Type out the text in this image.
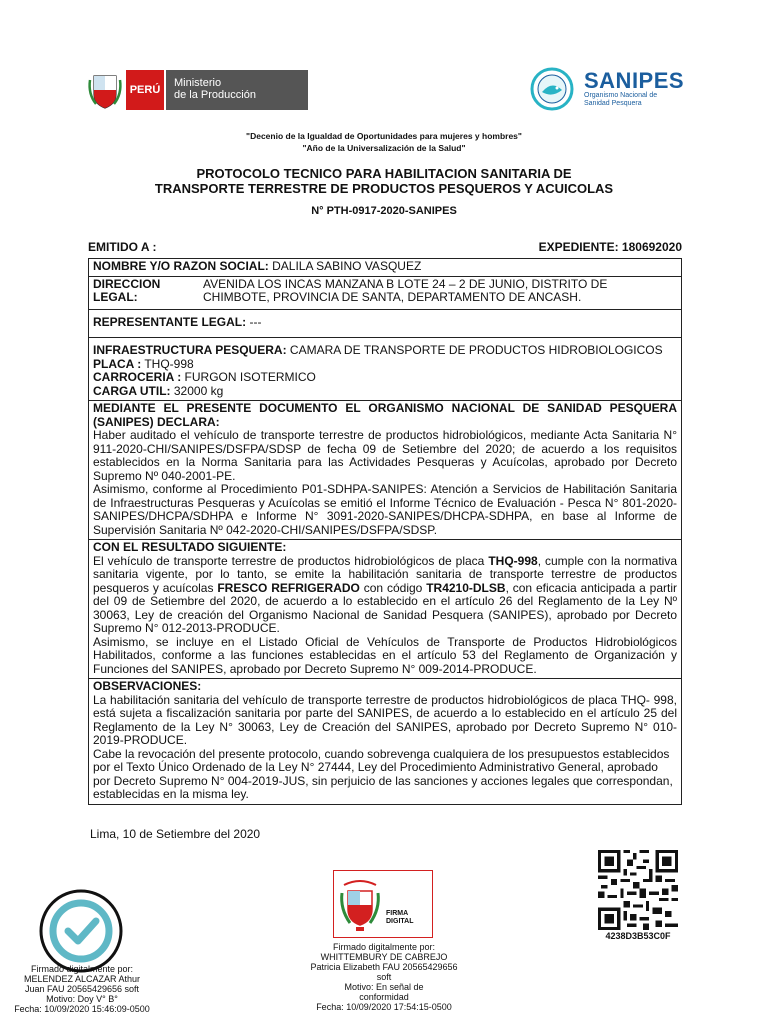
PERÚ
Ministerio
de la Producción
SANIPES
Organismo Nacional de
Sanidad Pesquera
"Decenio de la Igualdad de Oportunidades para mujeres y hombres"
"Año de la Universalización de la Salud"
PROTOCOLO TECNICO PARA HABILITACION SANITARIA DE
TRANSPORTE TERRESTRE DE PRODUCTOS PESQUEROS Y ACUICOLAS
N° PTH-0917-2020-SANIPES
EMITIDO A :	EXPEDIENTE: 180692020
NOMBRE Y/O RAZON SOCIAL: DALILA SABINO VASQUEZ

DIRECCION LEGAL:
AVENIDA LOS INCAS MANZANA B LOTE 24 – 2 DE JUNIO, DISTRITO DE CHIMBOTE, PROVINCIA DE SANTA, DEPARTAMENTO DE ANCASH.

REPRESENTANTE LEGAL: ---

INFRAESTRUCTURA PESQUERA: CAMARA DE TRANSPORTE DE PRODUCTOS HIDROBIOLOGICOS
PLACA : THQ-998
CARROCERIA : FURGON ISOTERMICO
CARGA UTIL: 32000 kg

MEDIANTE EL PRESENTE DOCUMENTO EL ORGANISMO NACIONAL DE SANIDAD PESQUERA (SANIPES) DECLARA:
Haber auditado el vehículo de transporte terrestre de productos hidrobiológicos, mediante Acta Sanitaria N° 911-2020-CHI/SANIPES/DSFPA/SDSP de fecha 09 de Setiembre del 2020; de acuerdo a los requisitos establecidos en la Norma Sanitaria para las Actividades Pesqueras y Acuícolas, aprobado por Decreto Supremo Nº 040-2001-PE.
Asimismo, conforme al Procedimiento P01-SDHPA-SANIPES: Atención a Servicios de Habilitación Sanitaria de Infraestructuras Pesqueras y Acuícolas se emitió el Informe Técnico de Evaluación - Pesca N° 801-2020-SANIPES/DHCPA/SDHPA e Informe N° 3091-2020-SANIPES/DHCPA-SDHPA, en base al Informe de Supervisión Sanitaria Nº 042-2020-CHI/SANIPES/DSFPA/SDSP.

CON EL RESULTADO SIGUIENTE:
El vehículo de transporte terrestre de productos hidrobiológicos de placa THQ-998, cumple con la normativa sanitaria vigente, por lo tanto, se emite la habilitación sanitaria de transporte terrestre de productos pesqueros y acuícolas FRESCO REFRIGERADO con código TR4210-DLSB, con eficacia anticipada a partir del 09 de Setiembre del 2020, de acuerdo a lo establecido en el artículo 26 del Reglamento de la Ley Nº 30063, Ley de creación del Organismo Nacional de Sanidad Pesquera (SANIPES), aprobado por Decreto Supremo N° 012-2013-PRODUCE.
Asimismo, se incluye en el Listado Oficial de Vehículos de Transporte de Productos Hidrobiológicos Habilitados, conforme a las funciones establecidas en el artículo 53 del Reglamento de Organización y Funciones del SANIPES, aprobado por Decreto Supremo N° 009-2014-PRODUCE.

OBSERVACIONES:
La habilitación sanitaria del vehículo de transporte terrestre de productos hidrobiológicos de placa THQ- 998, está sujeta a fiscalización sanitaria por parte del SANIPES, de acuerdo a lo establecido en el artículo 25 del Reglamento de la Ley N° 30063, Ley de Creación del SANIPES, aprobado por Decreto Supremo N° 010-2019-PRODUCE.
Cabe la revocación del presente protocolo, cuando sobrevenga cualquiera de los presupuestos establecidos por el Texto Único Ordenado de la Ley N° 27444, Ley del Procedimiento Administrativo General, aprobado por Decreto Supremo N° 004-2019-JUS, sin perjuicio de las sanciones y acciones legales que correspondan, establecidas en la misma ley.
Lima, 10 de Setiembre del 2020
Firmado digitalmente por:
MELENDEZ ALCAZAR Athur
Juan FAU 20565429656 soft
Motivo: Doy V° B°
Fecha: 10/09/2020 15:46:09-0500
FIRMA
DIGITAL
Firmado digitalmente por:
WHITTEMBURY DE CABREJO
Patricia Elizabeth FAU 20565429656
soft
Motivo: En señal de
conformidad
Fecha: 10/09/2020 17:54:15-0500
4238D3B53C0F
